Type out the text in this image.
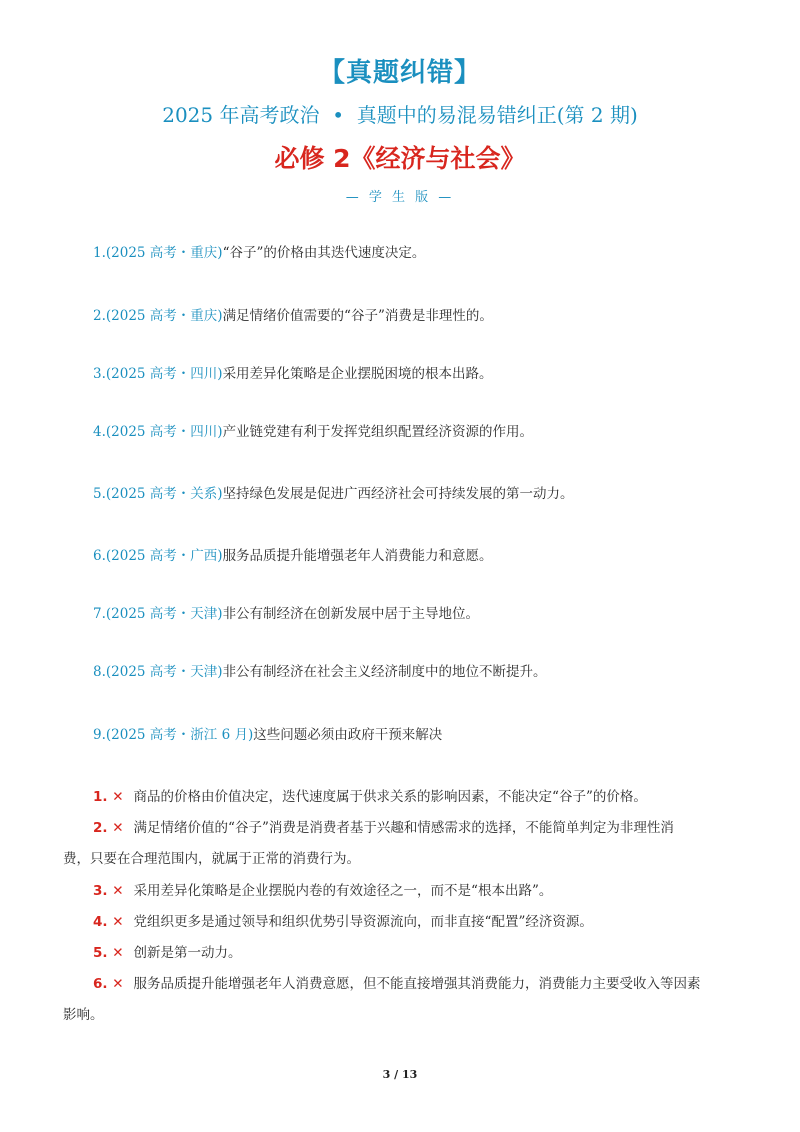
【真题纠错】
2025 年高考政治  •  真题中的易混易错纠正(第 2 期)
必修 2《经济与社会》
— 学 生 版 —
1.(2025 高考・重庆)“谷子”的价格由其迭代速度决定。
2.(2025 高考・重庆)满足情绪价值需要的“谷子”消费是非理性的。
3.(2025 高考・四川)采用差异化策略是企业摆脱困境的根本出路。
4.(2025 高考・四川)产业链党建有利于发挥党组织配置经济资源的作用。
5.(2025 高考・关系)坚持绿色发展是促进广西经济社会可持续发展的第一动力。
6.(2025 高考・广西)服务品质提升能增强老年人消费能力和意愿。
7.(2025 高考・天津)非公有制经济在创新发展中居于主导地位。
8.(2025 高考・天津)非公有制经济在社会主义经济制度中的地位不断提升。
9.(2025 高考・浙江 6 月)这些问题必须由政府干预来解决
1. ✕ 商品的价格由价值决定，迭代速度属于供求关系的影响因素，不能决定“谷子”的价格。
2. ✕ 满足情绪价值的“谷子”消费是消费者基于兴趣和情感需求的选择，不能简单判定为非理性消
费，只要在合理范围内，就属于正常的消费行为。
3. ✕ 采用差异化策略是企业摆脱内卷的有效途径之一，而不是“根本出路”。
4. ✕ 党组织更多是通过领导和组织优势引导资源流向，而非直接“配置”经济资源。
5. ✕ 创新是第一动力。
6. ✕ 服务品质提升能增强老年人消费意愿，但不能直接增强其消费能力，消费能力主要受收入等因素
影响。
3 / 13
